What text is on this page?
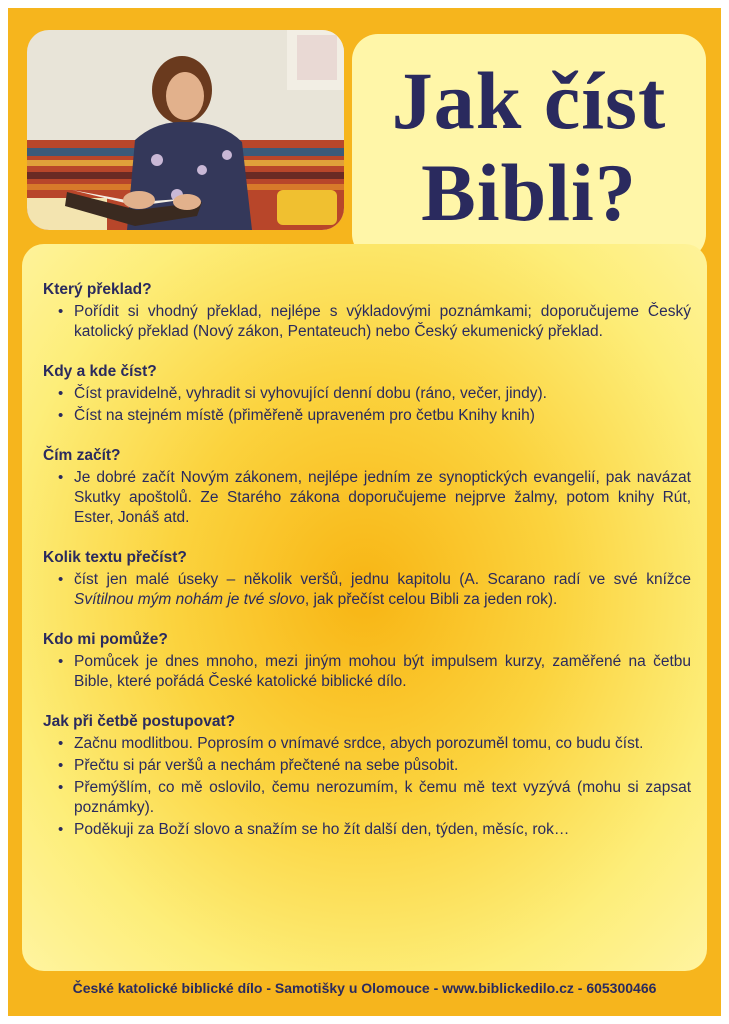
Jak číst
Bibli?
Který překlad?
• Pořídit si vhodný překlad, nejlépe s výkladovými poznámkami; doporučujeme Český katolický překlad (Nový zákon, Pentateuch) nebo Český ekumenický překlad.
Kdy a kde číst?
• Číst pravidelně, vyhradit si vyhovující denní dobu (ráno, večer, jindy).
• Číst na stejném místě (přiměřeně upraveném pro četbu Knihy knih)
Čím začít?
• Je dobré začít Novým zákonem, nejlépe jedním ze synoptických evangelií, pak navázat Skutky apoštolů. Ze Starého zákona doporučujeme nejprve žalmy, potom knihy Rút, Ester, Jonáš atd.
Kolik textu přečíst?
• číst jen malé úseky – několik veršů, jednu kapitolu (A. Scarano radí ve své knížce Svítilnou mým nohám je tvé slovo, jak přečíst celou Bibli za jeden rok).
Kdo mi pomůže?
• Pomůcek je dnes mnoho, mezi jiným mohou být impulsem kurzy, zaměřené na četbu Bible, které pořádá České katolické biblické dílo.
Jak při četbě postupovat?
• Začnu modlitbou. Poprosím o vnímavé srdce, abych porozuměl tomu, co budu číst.
• Přečtu si pár veršů a nechám přečtené na sebe působit.
• Přemýšlím, co mě oslovilo, čemu nerozumím, k čemu mě text vyzývá (mohu si zapsat poznámky).
• Poděkuji za Boží slovo a snažím se ho žít další den, týden, měsíc, rok…
České katolické biblické dílo - Samotišky u Olomouce - www.biblickedilo.cz - 605300466
